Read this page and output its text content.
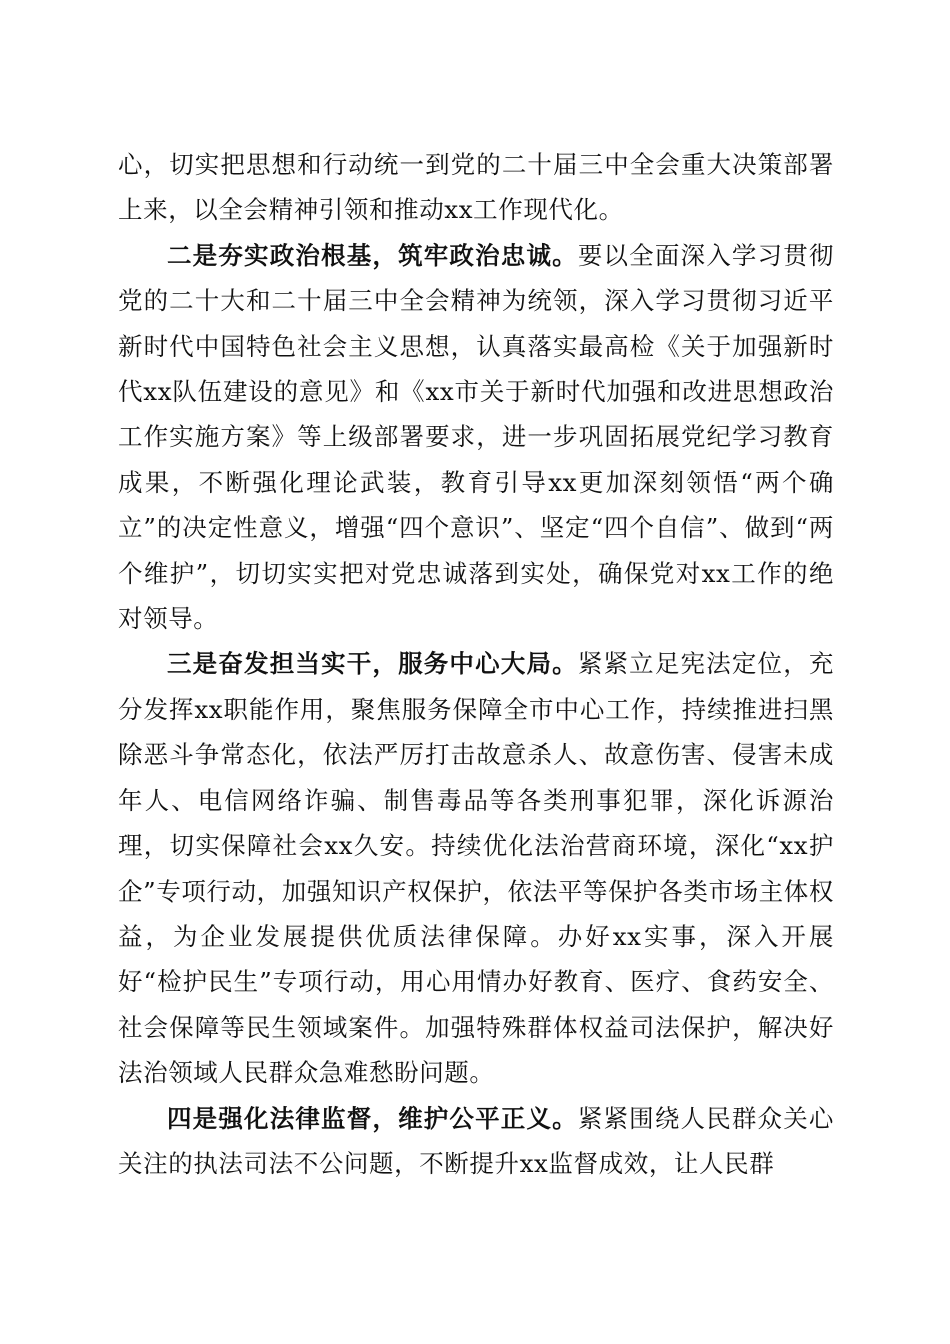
心，切实把思想和行动统一到党的二十届三中全会重大决策部署上来，以全会精神引领和推动xx工作现代化。

二是夯实政治根基，筑牢政治忠诚。要以全面深入学习贯彻党的二十大和二十届三中全会精神为统领，深入学习贯彻习近平新时代中国特色社会主义思想，认真落实最高检《关于加强新时代xx队伍建设的意见》和《xx市关于新时代加强和改进思想政治工作实施方案》等上级部署要求，进一步巩固拓展党纪学习教育成果，不断强化理论武装，教育引导xx更加深刻领悟“两个确立”的决定性意义，增强“四个意识”、坚定“四个自信”、做到“两个维护”，切切实实把对党忠诚落到实处，确保党对xx工作的绝对领导。

三是奋发担当实干，服务中心大局。紧紧立足宪法定位，充分发挥xx职能作用，聚焦服务保障全市中心工作，持续推进扫黑除恶斗争常态化，依法严厉打击故意杀人、故意伤害、侵害未成年人、电信网络诈骗、制售毒品等各类刑事犯罪，深化诉源治理，切实保障社会xx久安。持续优化法治营商环境，深化“xx护企”专项行动，加强知识产权保护，依法平等保护各类市场主体权益，为企业发展提供优质法律保障。办好xx实事，深入开展好“检护民生”专项行动，用心用情办好教育、医疗、食药安全、社会保障等民生领域案件。加强特殊群体权益司法保护，解决好法治领域人民群众急难愁盼问题。

四是强化法律监督，维护公平正义。紧紧围绕人民群众关心关注的执法司法不公问题，不断提升xx监督成效，让人民群
